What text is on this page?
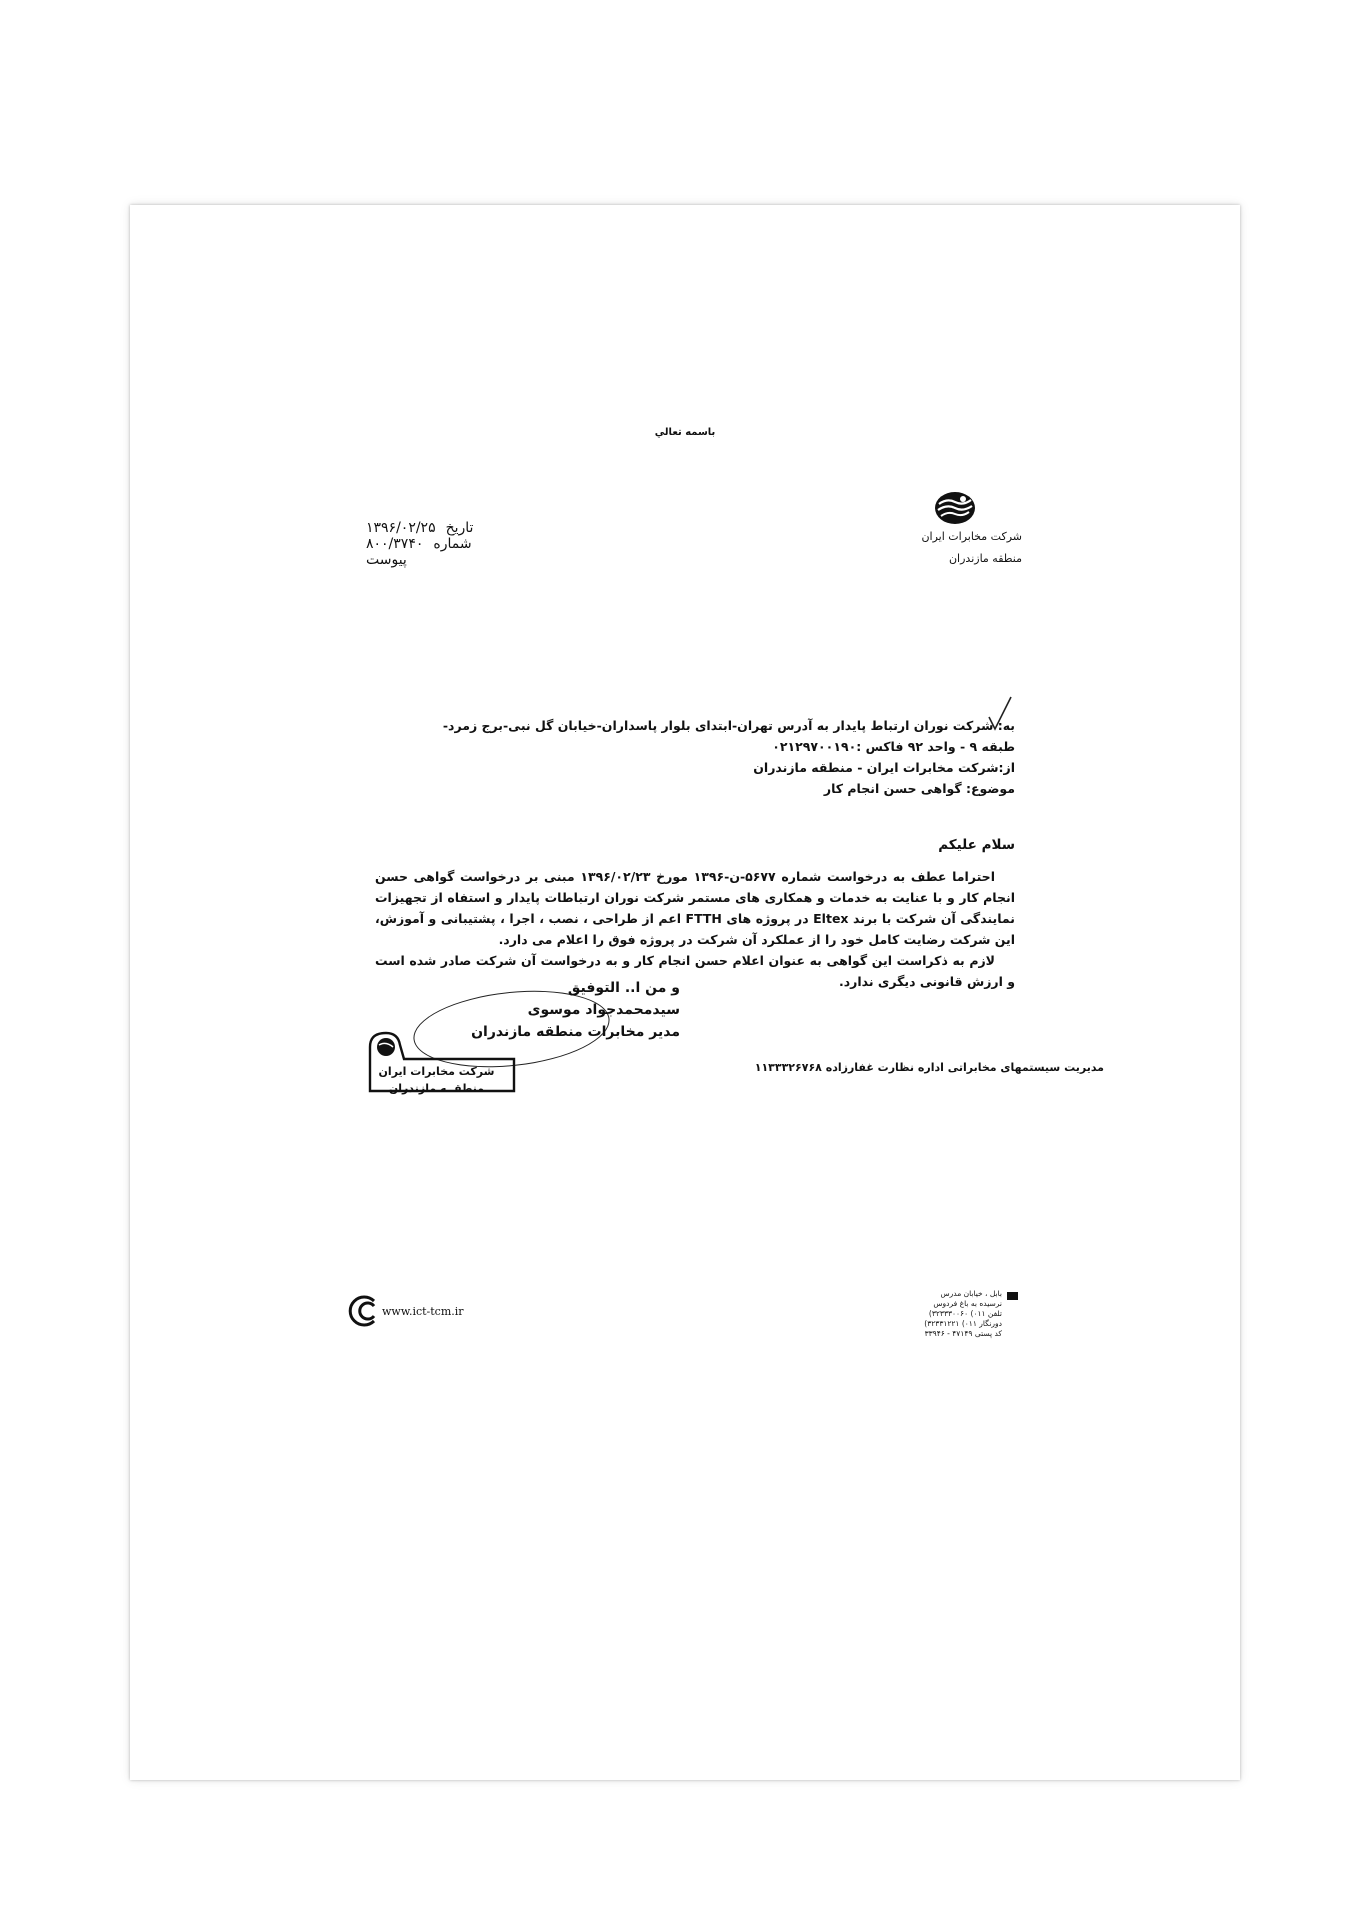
باسمه تعالي
شرکت مخابرات ایران
منطقه مازندران
تاریخ
۱۳۹۶/۰۲/۲۵
شماره
۸۰۰/۳۷۴۰
پیوست
به: شرکت نوران ارتباط پایدار به آدرس تهران-ابتدای بلوار پاسداران-خیابان گل نبی-برج زمرد-
طبقه ۹ - واحد ۹۲ فاکس :۰۲۱۲۹۷۰۰۱۹۰
از:شرکت مخابرات ایران - منطقه مازندران
موضوع: گواهی حسن انجام کار
سلام علیکم
احتراما عطف به درخواست شماره ۵۶۷۷-ن-۱۳۹۶ مورخ ۱۳۹۶/۰۲/۲۳ مبنی بر درخواست گواهی حسن انجام کار و با عنایت به خدمات و همکاری های مستمر شرکت نوران ارتباطات پایدار و استفاه از تجهیزات نمایندگی آن شرکت با برند Eltex در پروژه های FTTH اعم از طراحی ، نصب ، اجرا ، پشتیبانی و آموزش، این شرکت رضایت کامل خود را از عملکرد آن شرکت در پروژه فوق را اعلام می دارد.
لازم به ذکراست این گواهی به عنوان اعلام حسن انجام کار و به درخواست آن شرکت صادر شده است و ارزش قانونی دیگری ندارد.
و من ا.. التوفیق
سیدمحمدجواد موسوی
مدیر مخابرات منطقه مازندران
شرکت مخابرات ایران
منطقــه مازندران
مدیریت سیستمهای مخابراتی اداره نظارت غفارزاده ۱۱۳۳۳۲۶۷۶۸
www.ict-tcm.ir
بابل ، خیابان مدرس
نرسیده به باغ فردوس
تلفن ۰۱۱) ۳۲۳۳۳۰۰۶۰)
دورنگار ۰۱۱) ۳۲۳۳۱۲۲۱)
کد پستی ۴۷۱۴۹ - ۳۳۹۴۶
